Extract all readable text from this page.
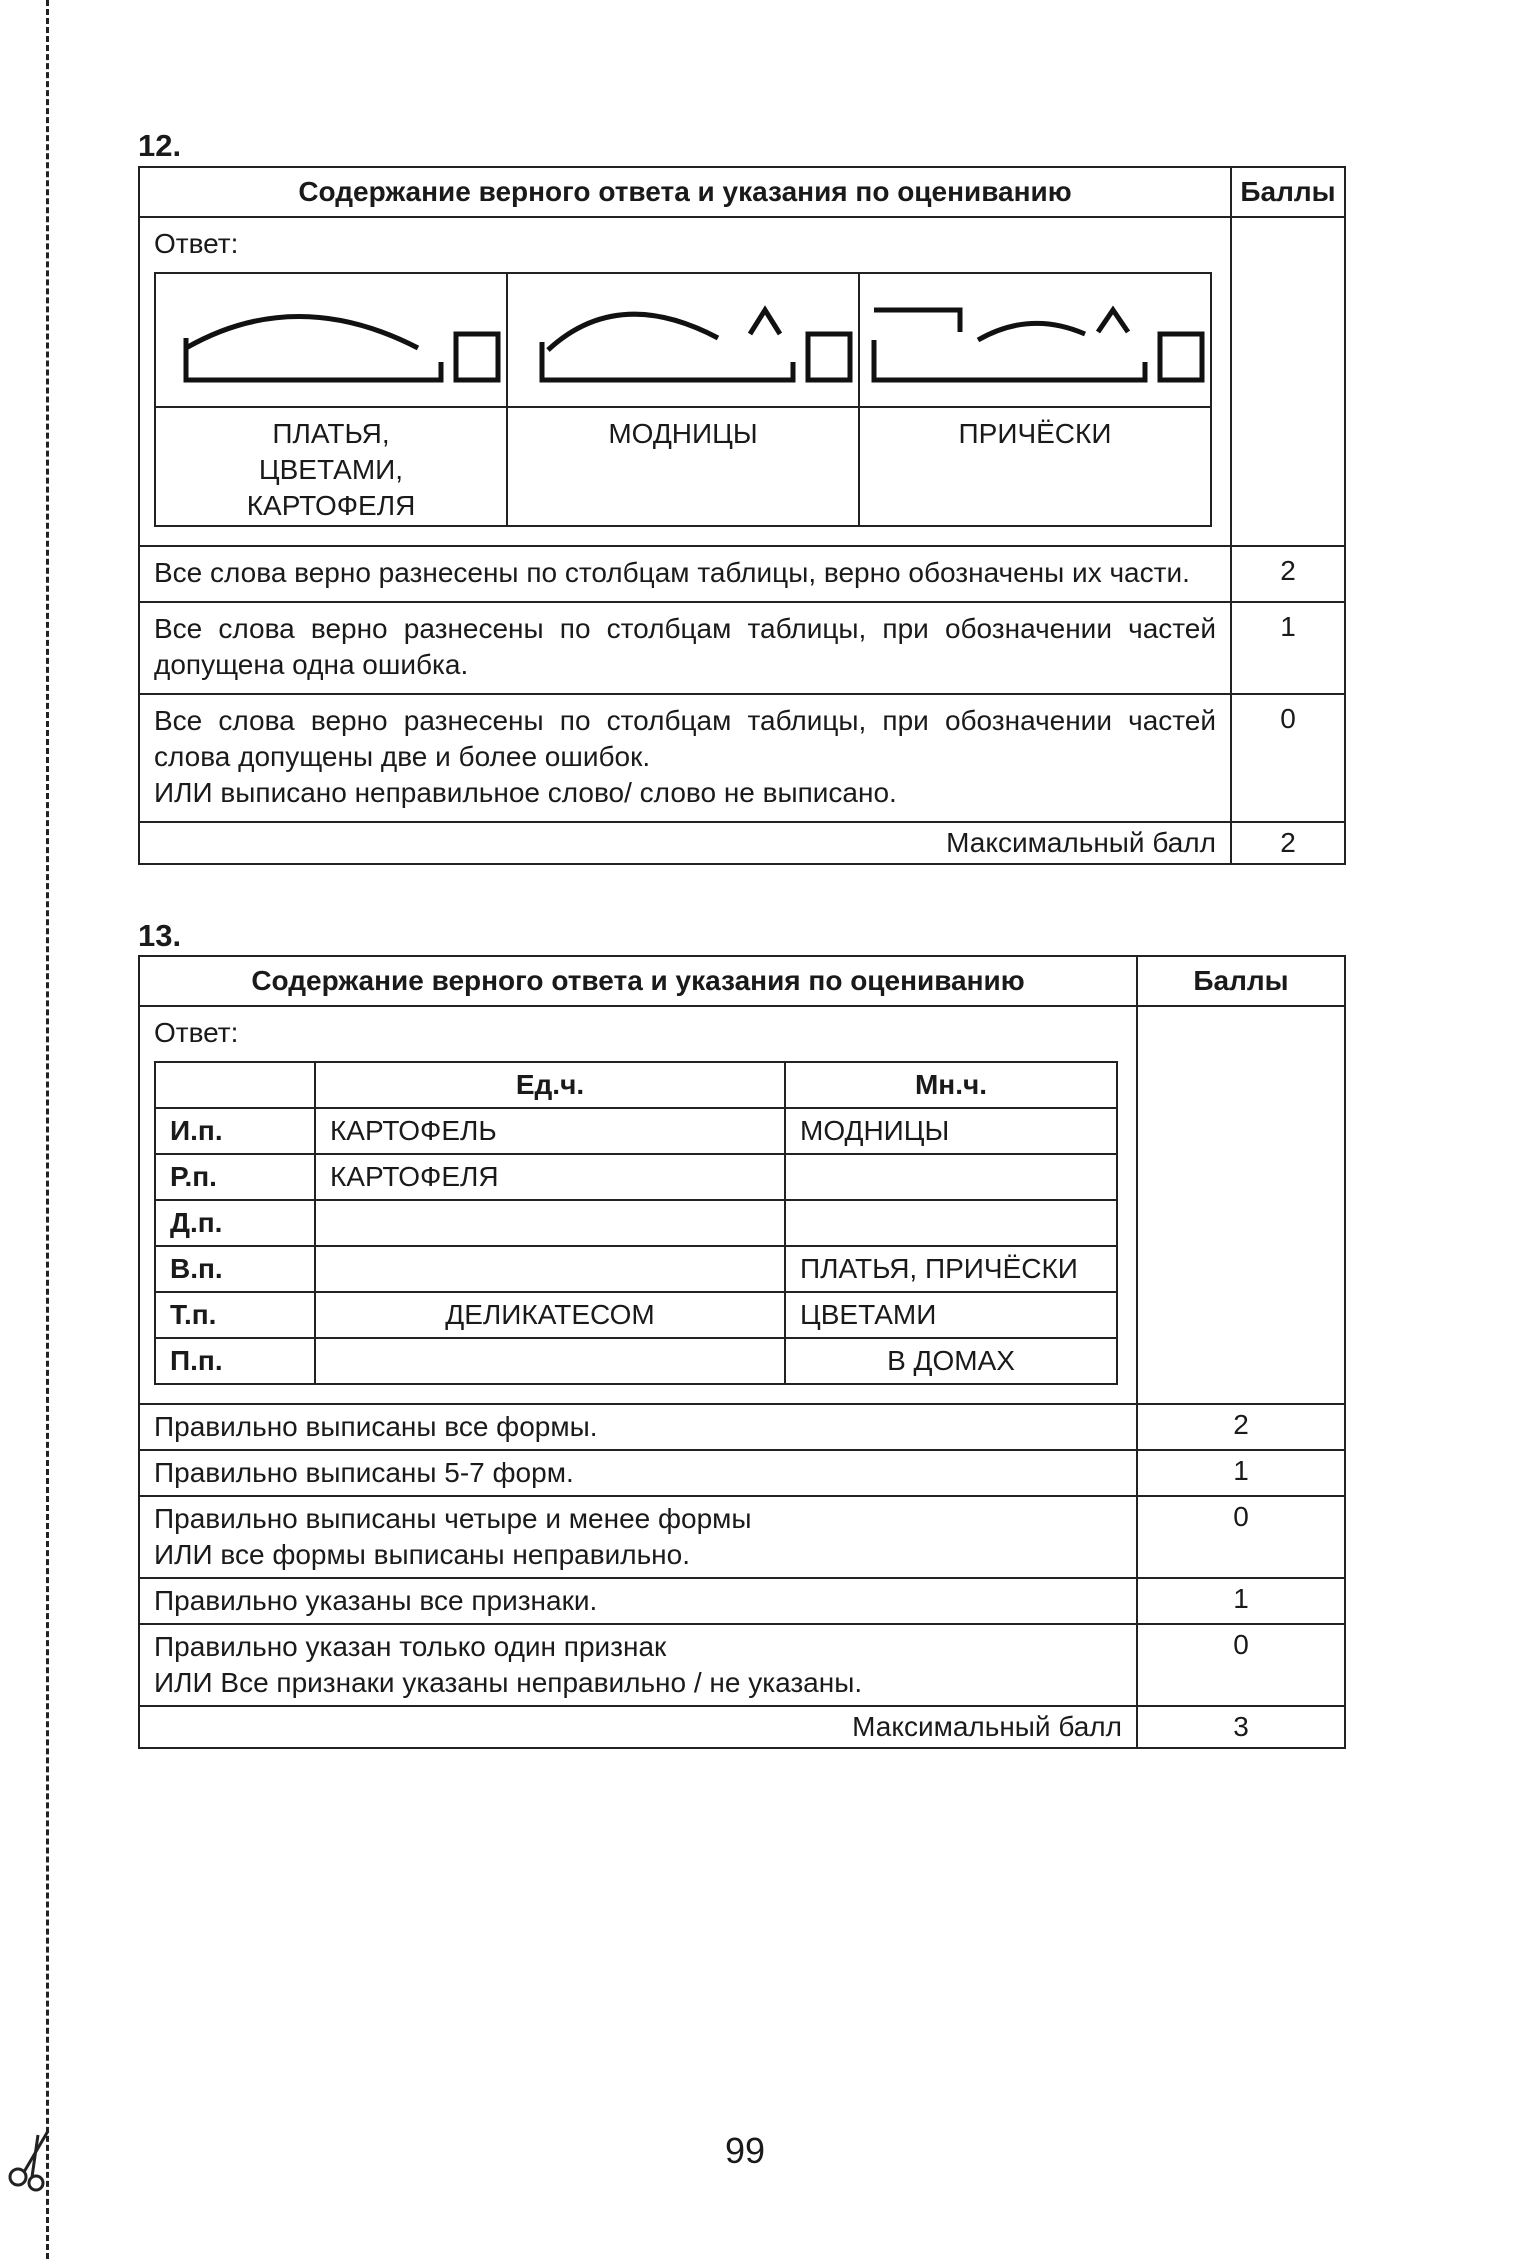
12.
Содержание верного ответа и указания по оцениванию	Баллы

Ответ:

ПЛАТЬЯ, ЦВЕТАМИ, КАРТОФЕЛЯ	МОДНИЦЫ	ПРИЧЁСКИ

Все слова верно разнесены по столбцам таблицы, верно обозначены их части.	2
Все слова верно разнесены по столбцам таблицы, при обозначении частей допущена одна ошибка.	1

Все слова верно разнесены по столбцам таблицы, при обозначении частей слова допущены две и более ошибок.
ИЛИ выписано неправильное слово/ слово не выписано.
	0
Максимальный балл	2
13.
Содержание верного ответа и указания по оцениванию	Баллы

Ответ:
	Ед.ч.	Мн.ч.
И.п.	КАРТОФЕЛЬ	МОДНИЦЫ
Р.п.	КАРТОФЕЛЯ	
Д.п.		
В.п.		ПЛАТЬЯ, ПРИЧЁСКИ
Т.п.	ДЕЛИКАТЕСОМ	ЦВЕТАМИ
П.п.		В ДОМАХ

Правильно выписаны все формы.	2
Правильно выписаны 5-7 форм.	1

Правильно выписаны четыре и менее формы
ИЛИ все формы выписаны неправильно.
	0
Правильно указаны все признаки.	1

Правильно указан только один признак
ИЛИ Все признаки указаны неправильно / не указаны.
	0
Максимальный балл	3
99
